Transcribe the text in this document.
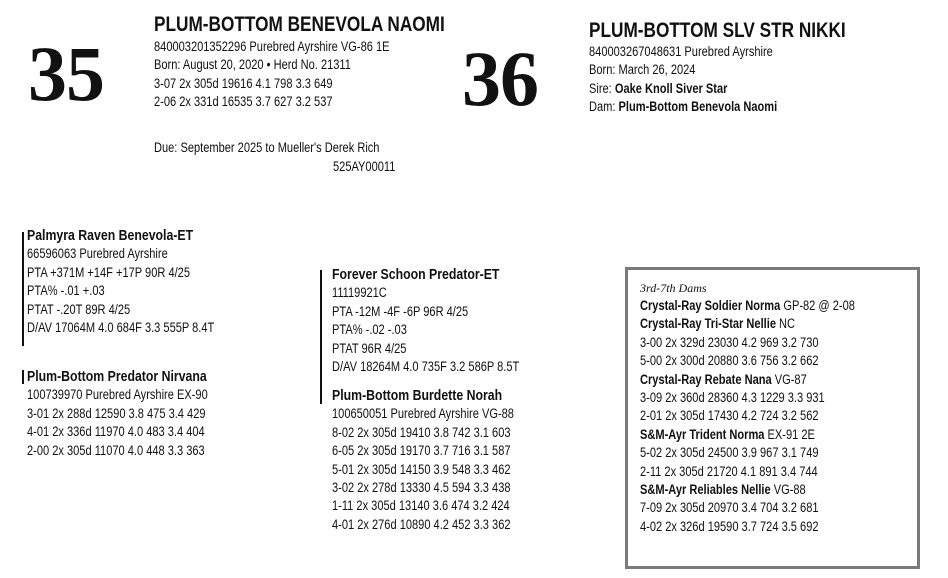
35
PLUM-BOTTOM BENEVOLA NAOMI
840003201352296 Purebred Ayrshire VG-86 1E
Born: August 20, 2020 • Herd No. 21311
3-07 2x 305d 19616 4.1 798 3.3 649
2-06 2x 331d 16535 3.7 627 3.2 537
Due: September 2025 to Mueller's Derek Rich
525AY00011
36
PLUM-BOTTOM SLV STR NIKKI
840003267048631 Purebred Ayrshire
Born: March 26, 2024
Sire: Oake Knoll Siver Star
Dam: Plum-Bottom Benevola Naomi
Palmyra Raven Benevola-ET
66596063 Purebred Ayrshire
PTA +371M +14F +17P 90R 4/25
PTA% -.01 +.03
PTAT -.20T 89R 4/25
D/AV 17064M 4.0 684F 3.3 555P 8.4T
Plum-Bottom Predator Nirvana
100739970 Purebred Ayrshire EX-90
3-01 2x 288d 12590 3.8 475 3.4 429
4-01 2x 336d 11970 4.0 483 3.4 404
2-00 2x 305d 11070 4.0 448 3.3 363
Forever Schoon Predator-ET
11119921C
PTA -12M -4F -6P 96R 4/25
PTA% -.02 -.03
PTAT 96R 4/25
D/AV 18264M 4.0 735F 3.2 586P 8.5T
Plum-Bottom Burdette Norah
100650051 Purebred Ayrshire VG-88
8-02 2x 305d 19410 3.8 742 3.1 603
6-05 2x 305d 19170 3.7 716 3.1 587
5-01 2x 305d 14150 3.9 548 3.3 462
3-02 2x 278d 13330 4.5 594 3.3 438
1-11 2x 305d 13140 3.6 474 3.2 424
4-01 2x 276d 10890 4.2 452 3.3 362
3rd-7th Dams
Crystal-Ray Soldier Norma GP-82 @ 2-08
Crystal-Ray Tri-Star Nellie NC
3-00 2x 329d 23030 4.2 969 3.2 730
5-00 2x 300d 20880 3.6 756 3.2 662
Crystal-Ray Rebate Nana VG-87
3-09 2x 360d 28360 4.3 1229 3.3 931
2-01 2x 305d 17430 4.2 724 3.2 562
S&M-Ayr Trident Norma EX-91 2E
5-02 2x 305d 24500 3.9 967 3.1 749
2-11 2x 305d 21720 4.1 891 3.4 744
S&M-Ayr Reliables Nellie VG-88
7-09 2x 305d 20970 3.4 704 3.2 681
4-02 2x 326d 19590 3.7 724 3.5 692
